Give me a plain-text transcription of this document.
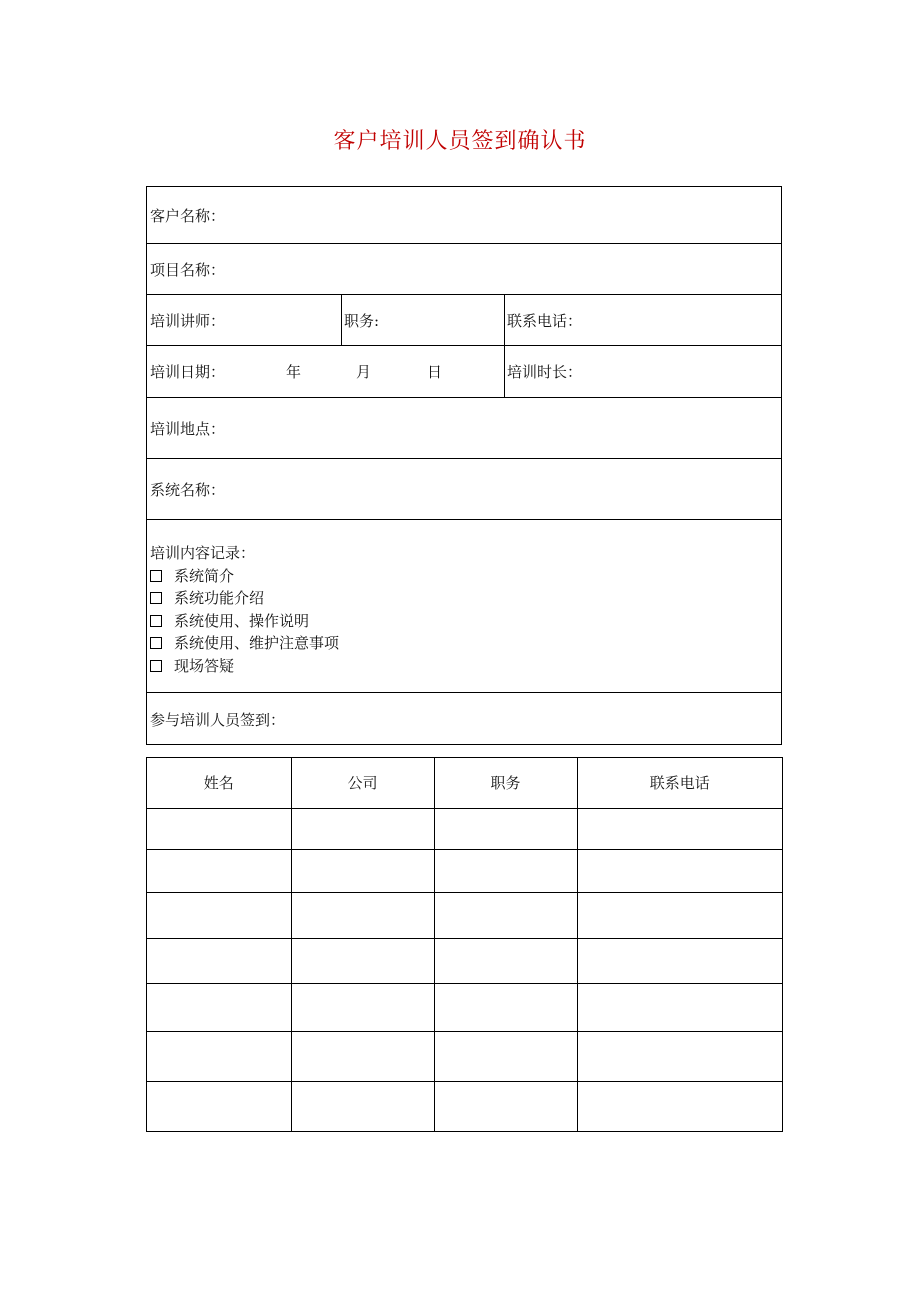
客户培训人员签到确认书
客户名称：
项目名称：
培训讲师：	职务:	联系电话：
培训日期：	年	月	日	培训时长：
培训地点：
系统名称：
培训内容记录：
系统简介
系统功能介绍
系统使用、操作说明
系统使用、维护注意事项
现场答疑
参与培训人员签到：
姓名	公司	职务	联系电话
